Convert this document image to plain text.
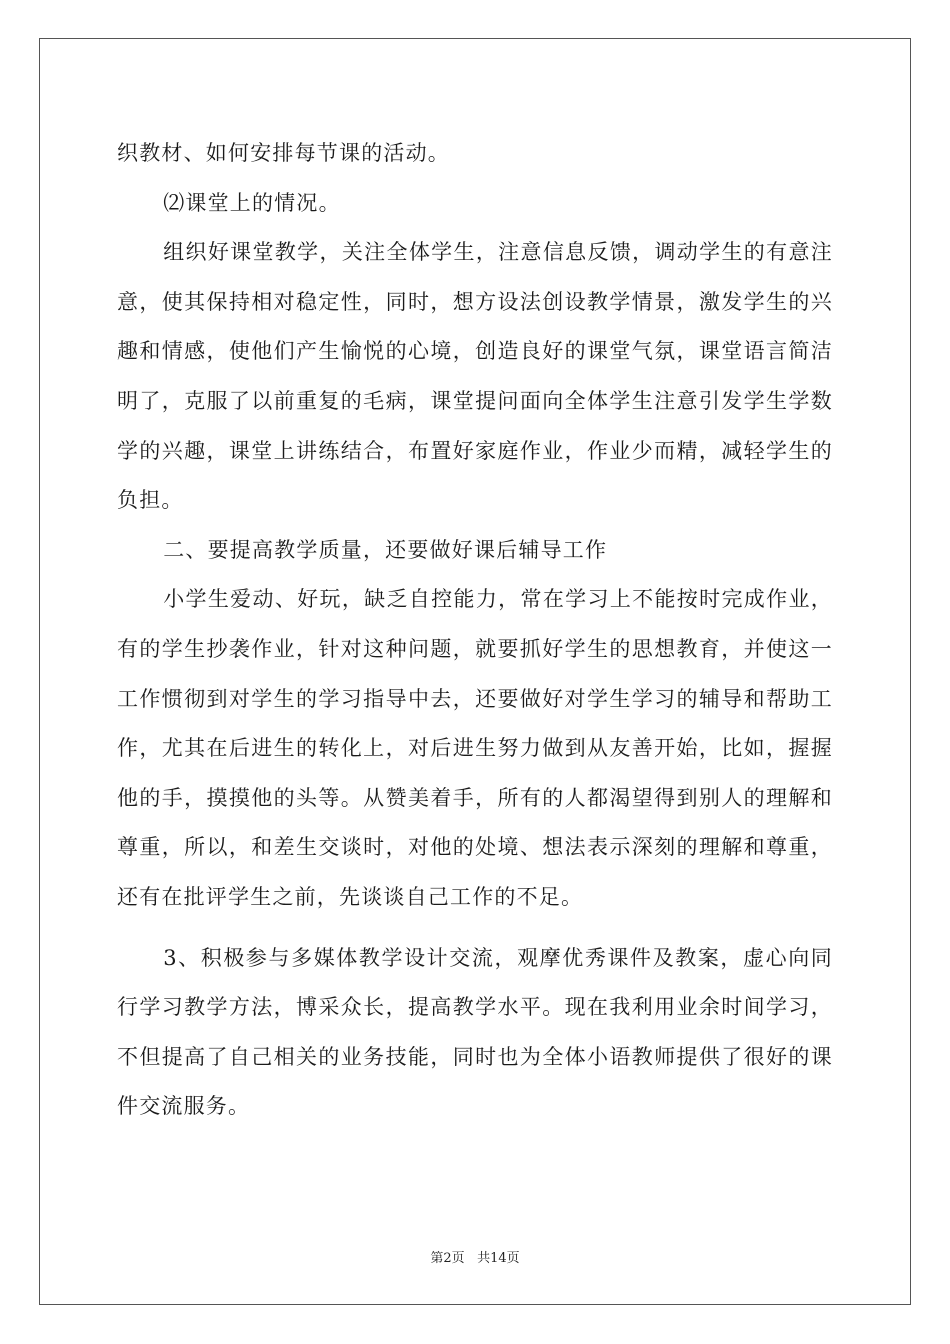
织教材、如何安排每节课的活动。

⑵课堂上的情况。

组织好课堂教学，关注全体学生，注意信息反馈，调动学生的有意注意，使其保持相对稳定性，同时，想方设法创设教学情景，激发学生的兴趣和情感，使他们产生愉悦的心境，创造良好的课堂气氛，课堂语言简洁明了，克服了以前重复的毛病，课堂提问面向全体学生注意引发学生学数学的兴趣，课堂上讲练结合，布置好家庭作业，作业少而精，减轻学生的负担。

二、要提高教学质量，还要做好课后辅导工作

小学生爱动、好玩，缺乏自控能力，常在学习上不能按时完成作业，有的学生抄袭作业，针对这种问题，就要抓好学生的思想教育，并使这一工作惯彻到对学生的学习指导中去，还要做好对学生学习的辅导和帮助工作，尤其在后进生的转化上，对后进生努力做到从友善开始，比如，握握他的手，摸摸他的头等。从赞美着手，所有的人都渴望得到别人的理解和尊重，所以，和差生交谈时，对他的处境、想法表示深刻的理解和尊重，还有在批评学生之前，先谈谈自己工作的不足。

3、积极参与多媒体教学设计交流，观摩优秀课件及教案，虚心向同行学习教学方法，博采众长，提高教学水平。现在我利用业余时间学习，不但提高了自己相关的业务技能，同时也为全体小语教师提供了很好的课件交流服务。

第2页 共14页
